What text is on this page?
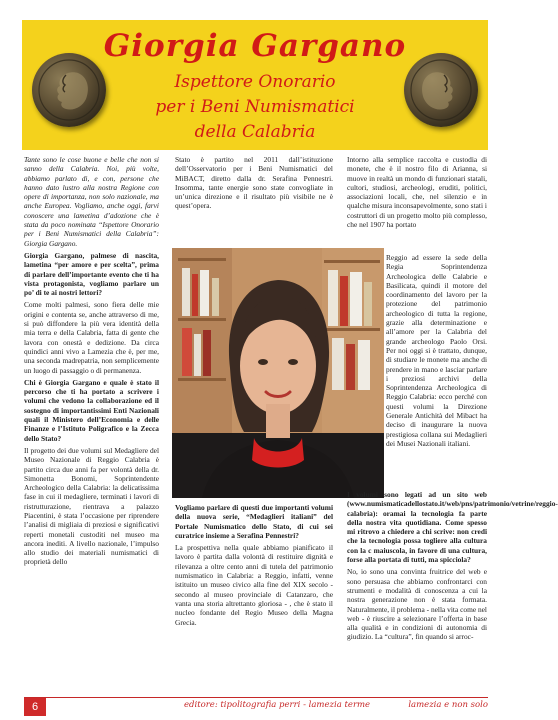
Giorgia Gargano
Ispettore Onorario
per i Beni Numismatici
della Calabria

Tante sono le cose buone e belle che non si sanno della Calabria. Noi, più volte, abbiamo parlato di, e con, persone che hanno dato lustro alla nostra Regione con opere di importanza, non solo nazionale, ma anche Europea. Vogliamo, anche oggi, farvi conoscere una lametina d’adozione che è stata da poco nominata “Ispettore Onorario per i Beni Numismatici della Calabria”: Giorgia Gargano.

Giorgia Gargano, palmese di nascita, lametina “per amore e per scelta”, prima di parlare dell’importante evento che ti ha vista protagonista, vogliamo parlare un po’ di te ai nostri lettori?

Come molti palmesi, sono fiera delle mie origini e contenta se, anche attraverso di me, si può diffondere la più vera identità della mia terra e della Calabria, fatta di gente che lavora con onestà e dedizione. Da circa quindici anni vivo a Lamezia che è, per me, una seconda madrepatria, non semplicemente un luogo di passaggio o di permanenza.

Chi è Giorgia Gargano e quale è stato il percorso che ti ha portato a scrivere i volumi che vedono la collaborazione ed il sostegno di importantissimi Enti Nazionali quali il Ministero dell’Economia e delle Finanze e l’Istituto Poligrafico e la Zecca dello Stato?

Il progetto dei due volumi sul Medagliere del Museo Nazionale di Reggio Calabria è partito circa due anni fa per volontà della dr. Simonetta Bonomi, Soprintendente Archeologico della Calabria: la delicatissima fase in cui il medagliere, terminati i lavori di ristrutturazione, rientrava a palazzo Piacentini, è stata l’occasione per riprendere l’analisi di migliaia di preziosi e significativi reperti monetali custoditi nel museo ma ancora inediti. A livello nazionale, l’impulso allo studio dei materiali numismatici di proprietà dello

Stato è partito nel 2011 dall’istituzione dell’Osservatorio per i Beni Numismatici del MiBACT, diretto dalla dr. Serafina Pennestri. Insomma, tante energie sono state convogliate in un’unica direzione e il risultato più visibile ne è quest’opera.

Intorno alla semplice raccolta e custodia di monete, che è il nostro filo di Arianna, si muove in realtà un mondo di funzionari statali, cultori, studiosi, archeologi, eruditi, politici, associazioni locali, che, nel silenzio e in qualche misura inconsapevolmente, sono stati i costruttori di un progetto molto più complesso, che nel 1907 ha portato

Reggio ad essere la sede della Regia Soprintendenza Archeologica delle Calabrie e Basilicata, quindi il motore del coordinamento del lavoro per la protezione del patrimonio archeologico di tutta la regione, grazie alla determinazione e all’amore per la Calabria del grande archeologo Paolo Orsi. Per noi oggi si è trattato, dunque, di studiare le monete ma anche di prendere in mano e lasciar parlare i preziosi archivi della Soprintendenza Archeologica di Reggio Calabria: ecco perché con questi volumi la Direzione Generale Antichità del Mibact ha deciso di inaugurare la nuova prestigiosa collana sui Medaglieri dei Musei Nazionali italiani.

I volumi sono legati ad un sito web (www.numismaticadellostato.it/web/pns/patrimonio/vetrine/reggio-calabria): oramai la tecnologia fa parte della nostra vita quotidiana. Come spesso mi ritrovo a chiedere a chi scrive: non credi che la tecnologia possa togliere alla cultura con la c maiuscola, in favore di una cultura, forse alla portata di tutti, ma spicciola?

No, io sono una convinta fruitrice del web e sono persuasa che abbiamo confrontarci con strumenti e modalità di conoscenza a cui la nostra generazione non è stata formata. Naturalmente, il problema - nella vita come nel web - è riuscire a selezionare l’offerta in base alla qualità e in condizioni di autonomia di giudizio. La “cultura”, fin quando si arroc-

Vogliamo parlare di questi due importanti volumi della nuova serie, “Medaglieri italiani” del Portale Numismatico dello Stato, di cui sei curatrice insieme a Serafina Pennestri?

La prospettiva nella quale abbiamo pianificato il lavoro è partita dalla volontà di restituire dignità e rilevanza a oltre cento anni di tutela del patrimonio numismatico in Calabria: a Reggio, infatti, venne istituito un museo civico alla fine del XIX secolo - secondo al museo provinciale di Catanzaro, che vanta una storia altrettanto gloriosa - , che è stato il nucleo fondante del Regio Museo della Magna Grecia.

6	editore: tipolitografia perri - lamezia terme	lamezia e non solo
